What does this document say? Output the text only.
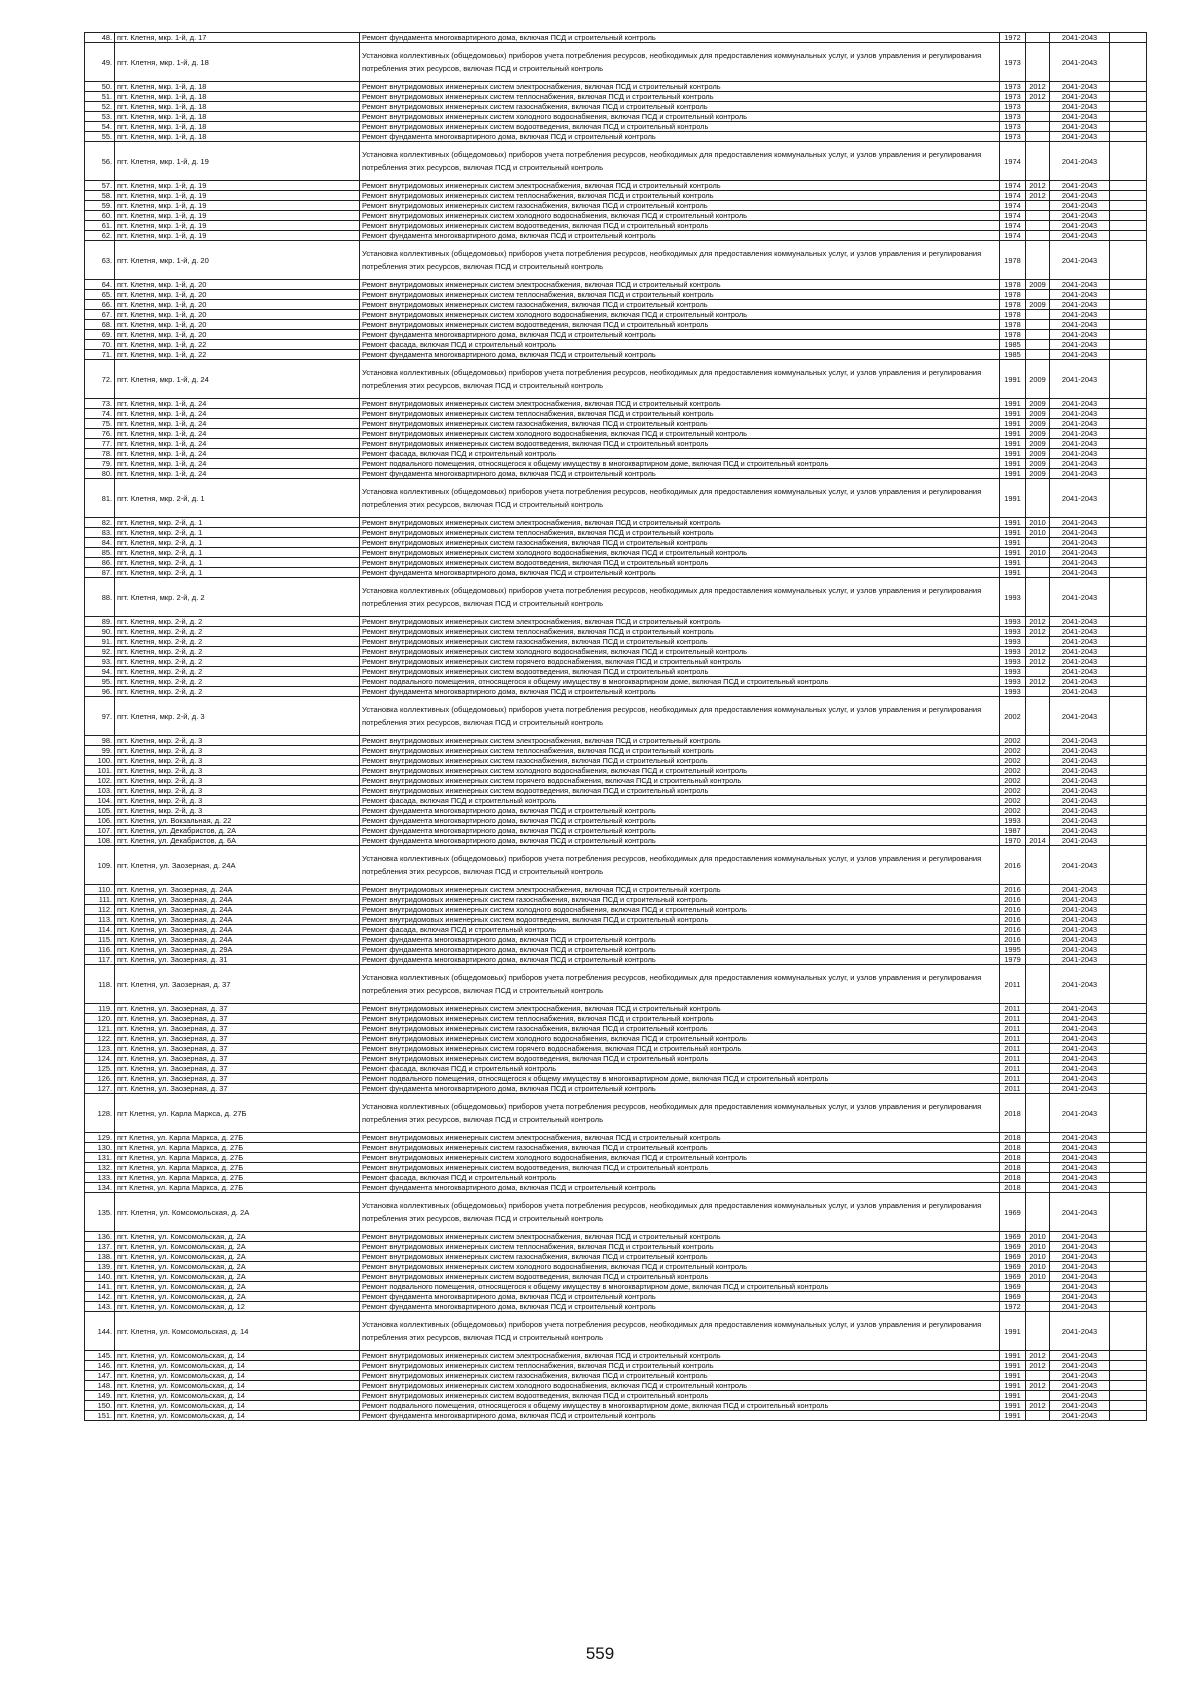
48.	пгт. Клетня, мкр. 1-й, д. 17	Ремонт фундамента многоквартирного дома, включая ПСД и строительный контроль	1972		2041-2043	
49.	пгт. Клетня, мкр. 1-й, д. 18	Установка коллективных (общедомовых) приборов учета потребления ресурсов, необходимых для предоставления коммунальных услуг, и узлов управления и регулирования потребления этих ресурсов, включая ПСД и строительный контроль	1973		2041-2043	
50.	пгт. Клетня, мкр. 1-й, д. 18	Ремонт внутридомовых инженерных систем электроснабжения, включая ПСД и строительный контроль	1973	2012	2041-2043	
51.	пгт. Клетня, мкр. 1-й, д. 18	Ремонт внутридомовых инженерных систем теплоснабжения, включая ПСД и строительный контроль	1973	2012	2041-2043	
52.	пгт. Клетня, мкр. 1-й, д. 18	Ремонт внутридомовых инженерных систем газоснабжения, включая ПСД и строительный контроль	1973		2041-2043	
53.	пгт. Клетня, мкр. 1-й, д. 18	Ремонт внутридомовых инженерных систем холодного водоснабжения, включая ПСД и строительный контроль	1973		2041-2043	
54.	пгт. Клетня, мкр. 1-й, д. 18	Ремонт внутридомовых инженерных систем водоотведения, включая ПСД и строительный контроль	1973		2041-2043	
55.	пгт. Клетня, мкр. 1-й, д. 18	Ремонт фундамента многоквартирного дома, включая ПСД и строительный контроль	1973		2041-2043	
56.	пгт. Клетня, мкр. 1-й, д. 19	Установка коллективных (общедомовых) приборов учета потребления ресурсов, необходимых для предоставления коммунальных услуг, и узлов управления и регулирования потребления этих ресурсов, включая ПСД и строительный контроль	1974		2041-2043	
57.	пгт. Клетня, мкр. 1-й, д. 19	Ремонт внутридомовых инженерных систем электроснабжения, включая ПСД и строительный контроль	1974	2012	2041-2043	
58.	пгт. Клетня, мкр. 1-й, д. 19	Ремонт внутридомовых инженерных систем теплоснабжения, включая ПСД и строительный контроль	1974	2012	2041-2043	
59.	пгт. Клетня, мкр. 1-й, д. 19	Ремонт внутридомовых инженерных систем газоснабжения, включая ПСД и строительный контроль	1974		2041-2043	
60.	пгт. Клетня, мкр. 1-й, д. 19	Ремонт внутридомовых инженерных систем холодного водоснабжения, включая ПСД и строительный контроль	1974		2041-2043	
61.	пгт. Клетня, мкр. 1-й, д. 19	Ремонт внутридомовых инженерных систем водоотведения, включая ПСД и строительный контроль	1974		2041-2043	
62.	пгт. Клетня, мкр. 1-й, д. 19	Ремонт фундамента многоквартирного дома, включая ПСД и строительный контроль	1974		2041-2043	
63.	пгт. Клетня, мкр. 1-й, д. 20	Установка коллективных (общедомовых) приборов учета потребления ресурсов, необходимых для предоставления коммунальных услуг, и узлов управления и регулирования потребления этих ресурсов, включая ПСД и строительный контроль	1978		2041-2043	
64.	пгт. Клетня, мкр. 1-й, д. 20	Ремонт внутридомовых инженерных систем электроснабжения, включая ПСД и строительный контроль	1978	2009	2041-2043	
65.	пгт. Клетня, мкр. 1-й, д. 20	Ремонт внутридомовых инженерных систем теплоснабжения, включая ПСД и строительный контроль	1978		2041-2043	
66.	пгт. Клетня, мкр. 1-й, д. 20	Ремонт внутридомовых инженерных систем газоснабжения, включая ПСД и строительный контроль	1978	2009	2041-2043	
67.	пгт. Клетня, мкр. 1-й, д. 20	Ремонт внутридомовых инженерных систем холодного водоснабжения, включая ПСД и строительный контроль	1978		2041-2043	
68.	пгт. Клетня, мкр. 1-й, д. 20	Ремонт внутридомовых инженерных систем водоотведения, включая ПСД и строительный контроль	1978		2041-2043	
69.	пгт. Клетня, мкр. 1-й, д. 20	Ремонт фундамента многоквартирного дома, включая ПСД и строительный контроль	1978		2041-2043	
70.	пгт. Клетня, мкр. 1-й, д. 22	Ремонт фасада, включая ПСД и строительный контроль	1985		2041-2043	
71.	пгт. Клетня, мкр. 1-й, д. 22	Ремонт фундамента многоквартирного дома, включая ПСД и строительный контроль	1985		2041-2043	
72.	пгт. Клетня, мкр. 1-й, д. 24	Установка коллективных (общедомовых) приборов учета потребления ресурсов, необходимых для предоставления коммунальных услуг, и узлов управления и регулирования потребления этих ресурсов, включая ПСД и строительный контроль	1991	2009	2041-2043	
73.	пгт. Клетня, мкр. 1-й, д. 24	Ремонт внутридомовых инженерных систем электроснабжения, включая ПСД и строительный контроль	1991	2009	2041-2043	
74.	пгт. Клетня, мкр. 1-й, д. 24	Ремонт внутридомовых инженерных систем теплоснабжения, включая ПСД и строительный контроль	1991	2009	2041-2043	
75.	пгт. Клетня, мкр. 1-й, д. 24	Ремонт внутридомовых инженерных систем газоснабжения, включая ПСД и строительный контроль	1991	2009	2041-2043	
76.	пгт. Клетня, мкр. 1-й, д. 24	Ремонт внутридомовых инженерных систем холодного водоснабжения, включая ПСД и строительный контроль	1991	2009	2041-2043	
77.	пгт. Клетня, мкр. 1-й, д. 24	Ремонт внутридомовых инженерных систем водоотведения, включая ПСД и строительный контроль	1991	2009	2041-2043	
78.	пгт. Клетня, мкр. 1-й, д. 24	Ремонт фасада, включая ПСД и строительный контроль	1991	2009	2041-2043	
79.	пгт. Клетня, мкр. 1-й, д. 24	Ремонт подвального помещения, относящегося к общему имуществу в многоквартирном доме, включая ПСД и строительный контроль	1991	2009	2041-2043	
80.	пгт. Клетня, мкр. 1-й, д. 24	Ремонт фундамента многоквартирного дома, включая ПСД и строительный контроль	1991	2009	2041-2043	
81.	пгт. Клетня, мкр. 2-й, д. 1	Установка коллективных (общедомовых) приборов учета потребления ресурсов, необходимых для предоставления коммунальных услуг, и узлов управления и регулирования потребления этих ресурсов, включая ПСД и строительный контроль	1991		2041-2043	
82.	пгт. Клетня, мкр. 2-й, д. 1	Ремонт внутридомовых инженерных систем электроснабжения, включая ПСД и строительный контроль	1991	2010	2041-2043	
83.	пгт. Клетня, мкр. 2-й, д. 1	Ремонт внутридомовых инженерных систем теплоснабжения, включая ПСД и строительный контроль	1991	2010	2041-2043	
84.	пгт. Клетня, мкр. 2-й, д. 1	Ремонт внутридомовых инженерных систем газоснабжения, включая ПСД и строительный контроль	1991		2041-2043	
85.	пгт. Клетня, мкр. 2-й, д. 1	Ремонт внутридомовых инженерных систем холодного водоснабжения, включая ПСД и строительный контроль	1991	2010	2041-2043	
86.	пгт. Клетня, мкр. 2-й, д. 1	Ремонт внутридомовых инженерных систем водоотведения, включая ПСД и строительный контроль	1991		2041-2043	
87.	пгт. Клетня, мкр. 2-й, д. 1	Ремонт фундамента многоквартирного дома, включая ПСД и строительный контроль	1991		2041-2043	
88.	пгт. Клетня, мкр. 2-й, д. 2	Установка коллективных (общедомовых) приборов учета потребления ресурсов, необходимых для предоставления коммунальных услуг, и узлов управления и регулирования потребления этих ресурсов, включая ПСД и строительный контроль	1993		2041-2043	
89.	пгт. Клетня, мкр. 2-й, д. 2	Ремонт внутридомовых инженерных систем электроснабжения, включая ПСД и строительный контроль	1993	2012	2041-2043	
90.	пгт. Клетня, мкр. 2-й, д. 2	Ремонт внутридомовых инженерных систем теплоснабжения, включая ПСД и строительный контроль	1993	2012	2041-2043	
91.	пгт. Клетня, мкр. 2-й, д. 2	Ремонт внутридомовых инженерных систем газоснабжения, включая ПСД и строительный контроль	1993		2041-2043	
92.	пгт. Клетня, мкр. 2-й, д. 2	Ремонт внутридомовых инженерных систем холодного водоснабжения, включая ПСД и строительный контроль	1993	2012	2041-2043	
93.	пгт. Клетня, мкр. 2-й, д. 2	Ремонт внутридомовых инженерных систем горячего водоснабжения, включая ПСД и строительный контроль	1993	2012	2041-2043	
94.	пгт. Клетня, мкр. 2-й, д. 2	Ремонт внутридомовых инженерных систем водоотведения, включая ПСД и строительный контроль	1993		2041-2043	
95.	пгт. Клетня, мкр. 2-й, д. 2	Ремонт подвального помещения, относящегося к общему имуществу в многоквартирном доме, включая ПСД и строительный контроль	1993	2012	2041-2043	
96.	пгт. Клетня, мкр. 2-й, д. 2	Ремонт фундамента многоквартирного дома, включая ПСД и строительный контроль	1993		2041-2043	
97.	пгт. Клетня, мкр. 2-й, д. 3	Установка коллективных (общедомовых) приборов учета потребления ресурсов, необходимых для предоставления коммунальных услуг, и узлов управления и регулирования потребления этих ресурсов, включая ПСД и строительный контроль	2002		2041-2043	
98.	пгт. Клетня, мкр. 2-й, д. 3	Ремонт внутридомовых инженерных систем электроснабжения, включая ПСД и строительный контроль	2002		2041-2043	
99.	пгт. Клетня, мкр. 2-й, д. 3	Ремонт внутридомовых инженерных систем теплоснабжения, включая ПСД и строительный контроль	2002		2041-2043	
100.	пгт. Клетня, мкр. 2-й, д. 3	Ремонт внутридомовых инженерных систем газоснабжения, включая ПСД и строительный контроль	2002		2041-2043	
101.	пгт. Клетня, мкр. 2-й, д. 3	Ремонт внутридомовых инженерных систем холодного водоснабжения, включая ПСД и строительный контроль	2002		2041-2043	
102.	пгт. Клетня, мкр. 2-й, д. 3	Ремонт внутридомовых инженерных систем горячего водоснабжения, включая ПСД и строительный контроль	2002		2041-2043	
103.	пгт. Клетня, мкр. 2-й, д. 3	Ремонт внутридомовых инженерных систем водоотведения, включая ПСД и строительный контроль	2002		2041-2043	
104.	пгт. Клетня, мкр. 2-й, д. 3	Ремонт фасада, включая ПСД и строительный контроль	2002		2041-2043	
105.	пгт. Клетня, мкр. 2-й, д. 3	Ремонт фундамента многоквартирного дома, включая ПСД и строительный контроль	2002		2041-2043	
106.	пгт. Клетня, ул. Вокзальная, д. 22	Ремонт фундамента многоквартирного дома, включая ПСД и строительный контроль	1993		2041-2043	
107.	пгт. Клетня, ул. Декабристов, д. 2А	Ремонт фундамента многоквартирного дома, включая ПСД и строительный контроль	1987		2041-2043	
108.	пгт. Клетня, ул. Декабристов, д. 6А	Ремонт фундамента многоквартирного дома, включая ПСД и строительный контроль	1970	2014	2041-2043	
109.	пгт. Клетня, ул. Заозерная, д. 24А	Установка коллективных (общедомовых) приборов учета потребления ресурсов, необходимых для предоставления коммунальных услуг, и узлов управления и регулирования потребления этих ресурсов, включая ПСД и строительный контроль	2016		2041-2043	
110.	пгт. Клетня, ул. Заозерная, д. 24А	Ремонт внутридомовых инженерных систем электроснабжения, включая ПСД и строительный контроль	2016		2041-2043	
111.	пгт. Клетня, ул. Заозерная, д. 24А	Ремонт внутридомовых инженерных систем газоснабжения, включая ПСД и строительный контроль	2016		2041-2043	
112.	пгт. Клетня, ул. Заозерная, д. 24А	Ремонт внутридомовых инженерных систем холодного водоснабжения, включая ПСД и строительный контроль	2016		2041-2043	
113.	пгт. Клетня, ул. Заозерная, д. 24А	Ремонт внутридомовых инженерных систем водоотведения, включая ПСД и строительный контроль	2016		2041-2043	
114.	пгт. Клетня, ул. Заозерная, д. 24А	Ремонт фасада, включая ПСД и строительный контроль	2016		2041-2043	
115.	пгт. Клетня, ул. Заозерная, д. 24А	Ремонт фундамента многоквартирного дома, включая ПСД и строительный контроль	2016		2041-2043	
116.	пгт. Клетня, ул. Заозерная, д. 29А	Ремонт фундамента многоквартирного дома, включая ПСД и строительный контроль	1995		2041-2043	
117.	пгт. Клетня, ул. Заозерная, д. 31	Ремонт фундамента многоквартирного дома, включая ПСД и строительный контроль	1979		2041-2043	
118.	пгт. Клетня, ул. Заозерная, д. 37	Установка коллективных (общедомовых) приборов учета потребления ресурсов, необходимых для предоставления коммунальных услуг, и узлов управления и регулирования потребления этих ресурсов, включая ПСД и строительный контроль	2011		2041-2043	
119.	пгт. Клетня, ул. Заозерная, д. 37	Ремонт внутридомовых инженерных систем электроснабжения, включая ПСД и строительный контроль	2011		2041-2043	
120.	пгт. Клетня, ул. Заозерная, д. 37	Ремонт внутридомовых инженерных систем теплоснабжения, включая ПСД и строительный контроль	2011		2041-2043	
121.	пгт. Клетня, ул. Заозерная, д. 37	Ремонт внутридомовых инженерных систем газоснабжения, включая ПСД и строительный контроль	2011		2041-2043	
122.	пгт. Клетня, ул. Заозерная, д. 37	Ремонт внутридомовых инженерных систем холодного водоснабжения, включая ПСД и строительный контроль	2011		2041-2043	
123.	пгт. Клетня, ул. Заозерная, д. 37	Ремонт внутридомовых инженерных систем горячего водоснабжения, включая ПСД и строительный контроль	2011		2041-2043	
124.	пгт. Клетня, ул. Заозерная, д. 37	Ремонт внутридомовых инженерных систем водоотведения, включая ПСД и строительный контроль	2011		2041-2043	
125.	пгт. Клетня, ул. Заозерная, д. 37	Ремонт фасада, включая ПСД и строительный контроль	2011		2041-2043	
126.	пгт. Клетня, ул. Заозерная, д. 37	Ремонт подвального помещения, относящегося к общему имуществу в многоквартирном доме, включая ПСД и строительный контроль	2011		2041-2043	
127.	пгт. Клетня, ул. Заозерная, д. 37	Ремонт фундамента многоквартирного дома, включая ПСД и строительный контроль	2011		2041-2043	
128.	пгт Клетня, ул. Карла Маркса, д. 27Б	Установка коллективных (общедомовых) приборов учета потребления ресурсов, необходимых для предоставления коммунальных услуг, и узлов управления и регулирования потребления этих ресурсов, включая ПСД и строительный контроль	2018		2041-2043	
129.	пгт Клетня, ул. Карла Маркса, д. 27Б	Ремонт внутридомовых инженерных систем электроснабжения, включая ПСД и строительный контроль	2018		2041-2043	
130.	пгт Клетня, ул. Карла Маркса, д. 27Б	Ремонт внутридомовых инженерных систем газоснабжения, включая ПСД и строительный контроль	2018		2041-2043	
131.	пгт Клетня, ул. Карла Маркса, д. 27Б	Ремонт внутридомовых инженерных систем холодного водоснабжения, включая ПСД и строительный контроль	2018		2041-2043	
132.	пгт Клетня, ул. Карла Маркса, д. 27Б	Ремонт внутридомовых инженерных систем водоотведения, включая ПСД и строительный контроль	2018		2041-2043	
133.	пгт Клетня, ул. Карла Маркса, д. 27Б	Ремонт фасада, включая ПСД и строительный контроль	2018		2041-2043	
134.	пгт Клетня, ул. Карла Маркса, д. 27Б	Ремонт фундамента многоквартирного дома, включая ПСД и строительный контроль	2018		2041-2043	
135.	пгт. Клетня, ул. Комсомольская, д. 2А	Установка коллективных (общедомовых) приборов учета потребления ресурсов, необходимых для предоставления коммунальных услуг, и узлов управления и регулирования потребления этих ресурсов, включая ПСД и строительный контроль	1969		2041-2043	
136.	пгт. Клетня, ул. Комсомольская, д. 2А	Ремонт внутридомовых инженерных систем электроснабжения, включая ПСД и строительный контроль	1969	2010	2041-2043	
137.	пгт. Клетня, ул. Комсомольская, д. 2А	Ремонт внутридомовых инженерных систем теплоснабжения, включая ПСД и строительный контроль	1969	2010	2041-2043	
138.	пгт. Клетня, ул. Комсомольская, д. 2А	Ремонт внутридомовых инженерных систем газоснабжения, включая ПСД и строительный контроль	1969	2010	2041-2043	
139.	пгт. Клетня, ул. Комсомольская, д. 2А	Ремонт внутридомовых инженерных систем холодного водоснабжения, включая ПСД и строительный контроль	1969	2010	2041-2043	
140.	пгт. Клетня, ул. Комсомольская, д. 2А	Ремонт внутридомовых инженерных систем водоотведения, включая ПСД и строительный контроль	1969	2010	2041-2043	
141.	пгт. Клетня, ул. Комсомольская, д. 2А	Ремонт подвального помещения, относящегося к общему имуществу в многоквартирном доме, включая ПСД и строительный контроль	1969		2041-2043	
142.	пгт. Клетня, ул. Комсомольская, д. 2А	Ремонт фундамента многоквартирного дома, включая ПСД и строительный контроль	1969		2041-2043	
143.	пгт. Клетня, ул. Комсомольская, д. 12	Ремонт фундамента многоквартирного дома, включая ПСД и строительный контроль	1972		2041-2043	
144.	пгт. Клетня, ул. Комсомольская, д. 14	Установка коллективных (общедомовых) приборов учета потребления ресурсов, необходимых для предоставления коммунальных услуг, и узлов управления и регулирования потребления этих ресурсов, включая ПСД и строительный контроль	1991		2041-2043	
145.	пгт. Клетня, ул. Комсомольская, д. 14	Ремонт внутридомовых инженерных систем электроснабжения, включая ПСД и строительный контроль	1991	2012	2041-2043	
146.	пгт. Клетня, ул. Комсомольская, д. 14	Ремонт внутридомовых инженерных систем теплоснабжения, включая ПСД и строительный контроль	1991	2012	2041-2043	
147.	пгт. Клетня, ул. Комсомольская, д. 14	Ремонт внутридомовых инженерных систем газоснабжения, включая ПСД и строительный контроль	1991		2041-2043	
148.	пгт. Клетня, ул. Комсомольская, д. 14	Ремонт внутридомовых инженерных систем холодного водоснабжения, включая ПСД и строительный контроль	1991	2012	2041-2043	
149.	пгт. Клетня, ул. Комсомольская, д. 14	Ремонт внутридомовых инженерных систем водоотведения, включая ПСД и строительный контроль	1991		2041-2043	
150.	пгт. Клетня, ул. Комсомольская, д. 14	Ремонт подвального помещения, относящегося к общему имуществу в многоквартирном доме, включая ПСД и строительный контроль	1991	2012	2041-2043	
151.	пгт. Клетня, ул. Комсомольская, д. 14	Ремонт фундамента многоквартирного дома, включая ПСД и строительный контроль	1991		2041-2043	
559
